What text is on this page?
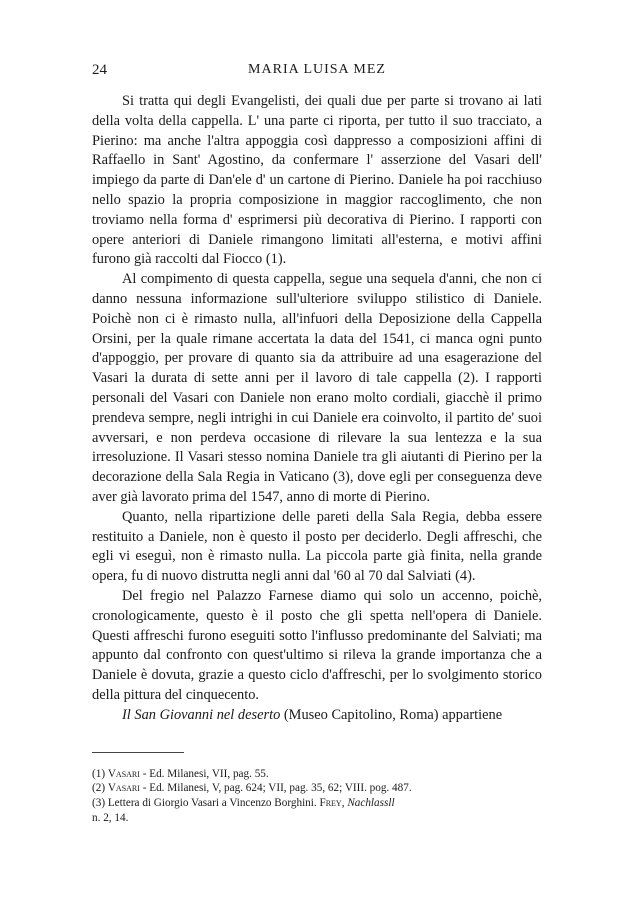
24	MARIA LUISA MEZ

Si tratta qui degli Evangelisti, dei quali due per parte si trovano ai lati della volta della cappella. L' una parte ci riporta, per tutto il suo tracciato, a Pierino: ma anche l'altra appoggia così dappresso a composizioni affini di Raffaello in Sant' Agostino, da confermare l' asserzione del Vasari dell' impiego da parte di Dan'ele d' un cartone di Pierino. Daniele ha poi racchiuso nello spazio la propria composizione in maggior raccoglimento, che non troviamo nella forma d' esprimersi più decorativa di Pierino. I rapporti con opere anteriori di Daniele rimangono limitati all'esterna, e motivi affini furono già raccolti dal Fiocco (1).

Al compimento di questa cappella, segue una sequela d'anni, che non ci danno nessuna informazione sull'ulteriore sviluppo stilistico di Daniele. Poichè non ci è rimasto nulla, all'infuori della Deposizione della Cappella Orsini, per la quale rimane accertata la data del 1541, ci manca ogni punto d'appoggio, per provare di quanto sia da attribuire ad una esagerazione del Vasari la durata di sette anni per il lavoro di tale cappella (2). I rapporti personali del Vasari con Daniele non erano molto cordiali, giacchè il primo prendeva sempre, negli intrighi in cui Daniele era coinvolto, il partito de' suoi avversari, e non perdeva occasione di rilevare la sua lentezza e la sua irresoluzione. Il Vasari stesso nomina Daniele tra gli aiutanti di Pierino per la decorazione della Sala Regia in Vaticano (3), dove egli per conseguenza deve aver già lavorato prima del 1547, anno di morte di Pierino.

Quanto, nella ripartizione delle pareti della Sala Regia, debba essere restituito a Daniele, non è questo il posto per deciderlo. Degli affreschi, che egli vi eseguì, non è rimasto nulla. La piccola parte già finita, nella grande opera, fu di nuovo distrutta negli anni dal '60 al 70 dal Salviati (4).

Del fregio nel Palazzo Farnese diamo qui solo un accenno, poichè, cronologicamente, questo è il posto che gli spetta nell'opera di Daniele. Questi affreschi furono eseguiti sotto l'influsso predominante del Salviati; ma appunto dal confronto con quest'ultimo si rileva la grande importanza che a Daniele è dovuta, grazie a questo ciclo d'affreschi, per lo svolgimento storico della pittura del cinquecento.

Il San Giovanni nel deserto (Museo Capitolino, Roma) appartiene

(1) Vasari - Ed. Milanesi, VII, pag. 55.

(2) Vasari - Ed. Milanesi, V, pag. 624; VII, pag. 35, 62; VIII. pog. 487.

(3) Lettera di Giorgio Vasari a Vincenzo Borghini. Frey, Nachlassll

n. 2, 14.
